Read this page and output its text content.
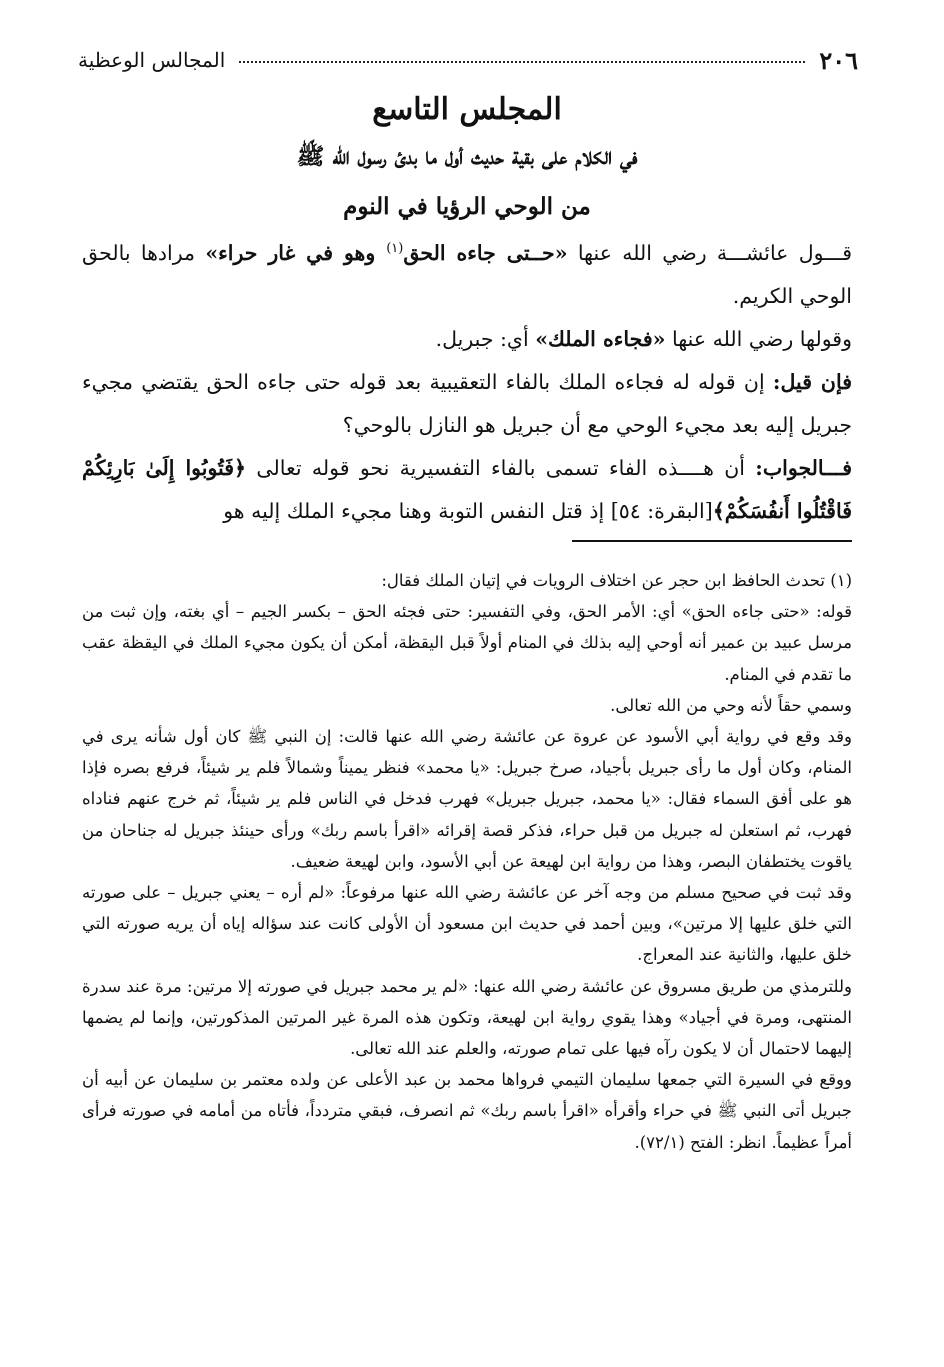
٢٠٦
المجالس الوعظية

المجلس التاسع

في الكلام على بقية حديث أول ما بدئ رسول الله ﷺ

من الوحي الرؤيا في النوم

قـــول عائشـــة رضي الله عنها «حــتى جاءه الحق$^{(١)}$ وهو في غار حراء» مرادها بالحق الوحي الكريم.

وقولها رضي الله عنها «فجاءه الملك» أي: جبريل.

فإن قيل: إن قوله له فجاءه الملك بالفاء التعقيبية بعد قوله حتى جاءه الحق يقتضي مجيء جبريل إليه بعد مجيء الوحي مع أن جبريل هو النازل بالوحي؟

فـــالجواب: أن هــــذه الفاء تسمى بالفاء التفسيرية نحو قوله تعالى ﴿فَتُوبُوا إِلَىٰ بَارِئِكُمْ فَاقْتُلُوا أَنفُسَكُمْ﴾[البقرة: ٥٤] إذ قتل النفس التوبة وهنا مجيء الملك إليه هو

(١) تحدث الحافظ ابن حجر عن اختلاف الرويات في إتيان الملك فقال:

قوله: «حتى جاءه الحق» أي: الأمر الحق، وفي التفسير: حتى فجئه الحق – بكسر الجيم – أي بغته، وإن ثبت من مرسل عبيد بن عمير أنه أوحي إليه بذلك في المنام أولاً قبل اليقظة، أمكن أن يكون مجيء الملك في اليقظة عقب ما تقدم في المنام.

وسمي حقاً لأنه وحي من الله تعالى.

وقد وقع في رواية أبي الأسود عن عروة عن عائشة رضي الله عنها قالت: إن النبي ﷺ كان أول شأنه يرى في المنام، وكان أول ما رأى جبريل بأجياد، صرخ جبريل: «يا محمد» فنظر يميناً وشمالاً فلم ير شيئاً، فرفع بصره فإذا هو على أفق السماء فقال: «يا محمد، جبريل جبريل» فهرب فدخل في الناس فلم ير شيئاً، ثم خرج عنهم فناداه فهرب، ثم استعلن له جبريل من قبل حراء، فذكر قصة إقرائه «اقرأ باسم ربك» ورأى حينئذ جبريل له جناحان من ياقوت يختطفان البصر، وهذا من رواية ابن لهيعة عن أبي الأسود، وابن لهيعة ضعيف.

وقد ثبت في صحيح مسلم من وجه آخر عن عائشة رضي الله عنها مرفوعاً: «لم أره – يعني جبريل – على صورته التي خلق عليها إلا مرتين»، وبين أحمد في حديث ابن مسعود أن الأولى كانت عند سؤاله إياه أن يريه صورته التي خلق عليها، والثانية عند المعراج.

وللترمذي من طريق مسروق عن عائشة رضي الله عنها: «لم ير محمد جبريل في صورته إلا مرتين: مرة عند سدرة المنتهى، ومرة في أجياد» وهذا يقوي رواية ابن لهيعة، وتكون هذه المرة غير المرتين المذكورتين، وإنما لم يضمها إليهما لاحتمال أن لا يكون رآه فيها على تمام صورته، والعلم عند الله تعالى.

ووقع في السيرة التي جمعها سليمان التيمي فرواها محمد بن عبد الأعلى عن ولده معتمر بن سليمان عن أبيه أن جبريل أتى النبي ﷺ في حراء وأقرأه «اقرأ باسم ربك» ثم انصرف، فبقي متردداً، فأتاه من أمامه في صورته فرأى أمراً عظيماً. انظر: الفتح (٧٢/١).
